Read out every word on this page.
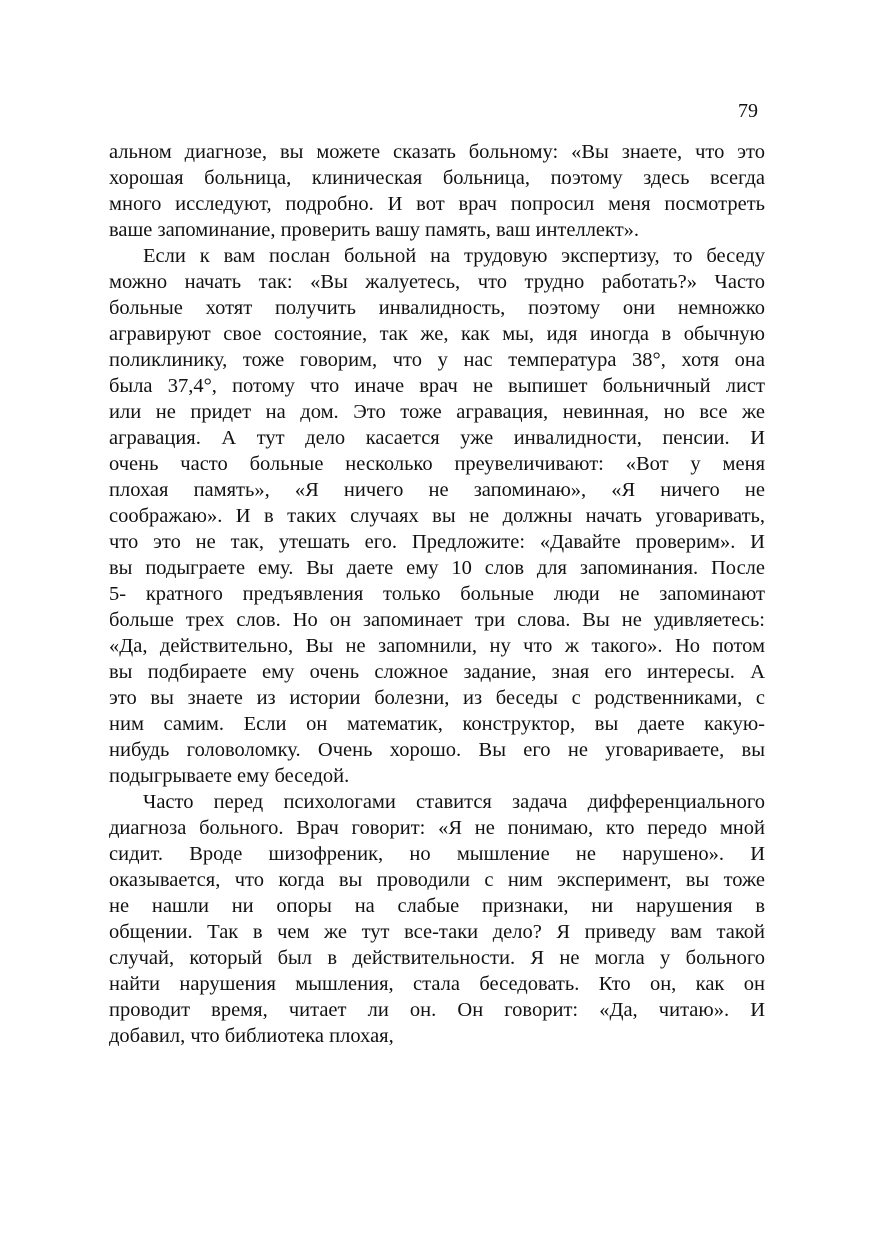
79
альном диагнозе, вы можете сказать больному: «Вы знаете, что это
хорошая больница, клиническая больница, поэтому здесь всегда
много исследуют, подробно. И вот врач попросил меня посмотреть
ваше запоминание, проверить вашу память, ваш интеллект».
Если к вам послан больной на трудовую экспертизу, то беседу
можно начать так: «Вы жалуетесь, что трудно работать?» Часто
больные хотят получить инвалидность, поэтому они немножко
агравируют свое состояние, так же, как мы, идя иногда в обычную
поликлинику, тоже говорим, что у нас температура 38°, хотя она
была 37,4°, потому что иначе врач не выпишет больничный лист
или не придет на дом. Это тоже агравация, невинная, но все же
агравация. А тут дело касается уже инвалидности, пенсии. И
очень часто больные несколько преувеличивают: «Вот у меня
плохая память», «Я ничего не запоминаю», «Я ничего не
соображаю». И в таких случаях вы не должны начать уговаривать,
что это не так, утешать его. Предложите: «Давайте проверим». И
вы подыграете ему. Вы даете ему 10 слов для запоминания. После
5- кратного предъявления только больные люди не запоминают
больше трех слов. Но он запоминает три слова. Вы не удивляетесь:
«Да, действительно, Вы не запомнили, ну что ж такого». Но потом
вы подбираете ему очень сложное задание, зная его интересы. А
это вы знаете из истории болезни, из беседы с родственниками, с
ним самим. Если он математик, конструктор, вы даете какую-
нибудь головоломку. Очень хорошо. Вы его не уговариваете, вы
подыгрываете ему беседой.
Часто перед психологами ставится задача дифференциального
диагноза больного. Врач говорит: «Я не понимаю, кто передо мной
сидит. Вроде шизофреник, но мышление не нарушено». И
оказывается, что когда вы проводили с ним эксперимент, вы тоже
не нашли ни опоры на слабые признаки, ни нарушения в
общении. Так в чем же тут все-таки дело? Я приведу вам такой
случай, который был в действительности. Я не могла у больного
найти нарушения мышления, стала беседовать. Кто он, как он
проводит время, читает ли он. Он говорит: «Да, читаю». И
добавил, что библиотека плохая,
